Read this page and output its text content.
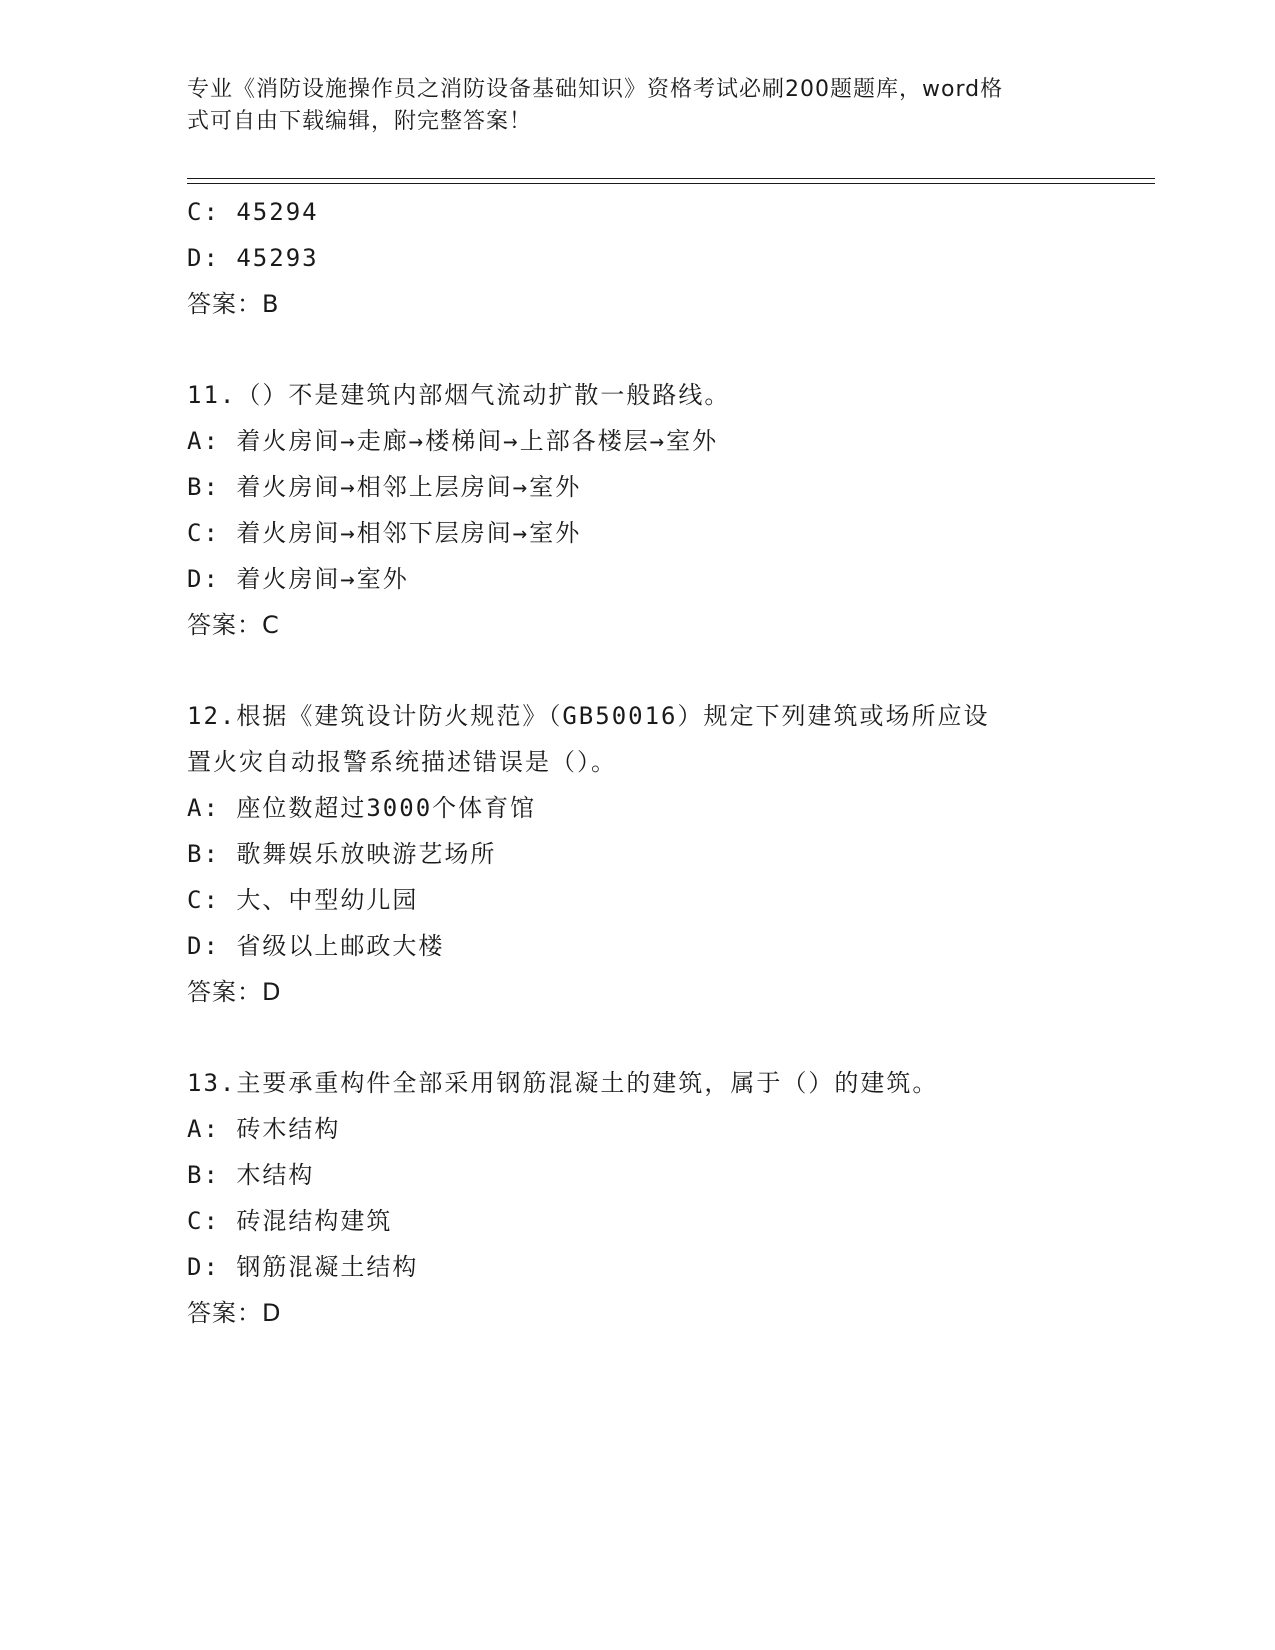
专业《消防设施操作员之消防设备基础知识》资格考试必刷200题题库，word格
式可自由下载编辑，附完整答案！
C: 45294
D: 45293
答案：B
11.（）不是建筑内部烟气流动扩散一般路线。
A: 着火房间→走廊→楼梯间→上部各楼层→室外
B: 着火房间→相邻上层房间→室外
C: 着火房间→相邻下层房间→室外
D: 着火房间→室外
答案：C
12.根据《建筑设计防火规范》（GB50016）规定下列建筑或场所应设
置火灾自动报警系统描述错误是（）。
A: 座位数超过3000个体育馆
B: 歌舞娱乐放映游艺场所
C: 大、中型幼儿园
D: 省级以上邮政大楼
答案：D
13.主要承重构件全部采用钢筋混凝土的建筑，属于（）的建筑。
A: 砖木结构
B: 木结构
C: 砖混结构建筑
D: 钢筋混凝土结构
答案：D
